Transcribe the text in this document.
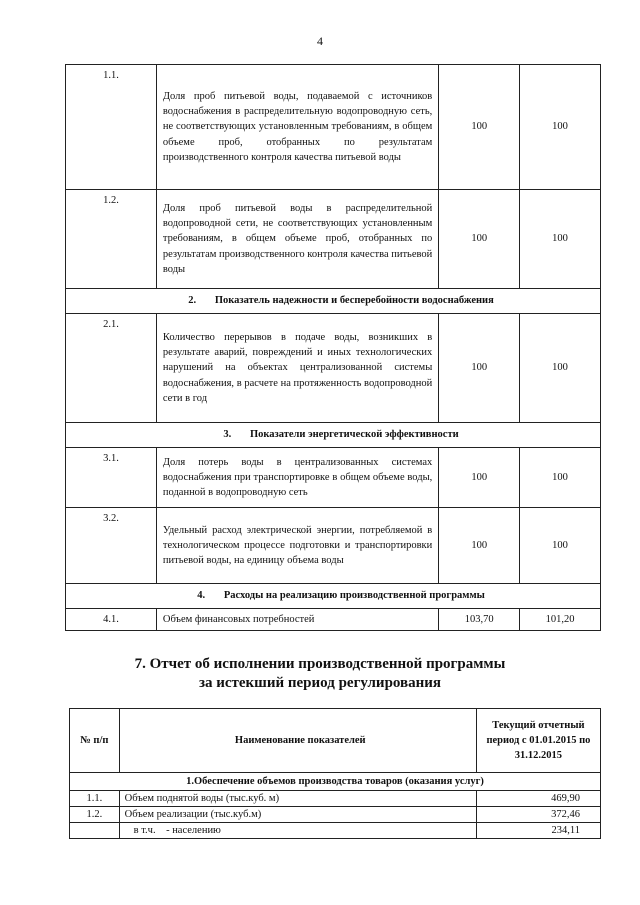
4
1.1.	Доля проб питьевой воды, подаваемой с источников водоснабжения в распределительную водопроводную сеть, не соответствующих установленным требованиям, в общем объеме проб, отобранных по результатам производственного контроля качества питьевой воды	100	100
1.2.	Доля проб питьевой воды в распределительной водопроводной сети, не соответствующих установленным требованиям, в общем объеме проб, отобранных по результатам производственного контроля качества питьевой воды	100	100
2. Показатель надежности и бесперебойности водоснабжения			
2.1.	Количество перерывов в подаче воды, возникших в результате аварий, повреждений и иных технологических нарушений на объектах централизованной системы водоснабжения, в расчете на протяженность водопроводной сети в год	100	100
3. Показатели энергетической эффективности			
3.1.	Доля потерь воды в централизованных системах водоснабжения при транспортировке в общем объеме воды, поданной в водопроводную сеть	100	100
3.2.	Удельный расход электрической энергии, потребляемой в технологическом процессе подготовки и транспортировки питьевой воды, на единицу объема воды	100	100
4. Расходы на реализацию производственной программы			
4.1.	Объем финансовых потребностей	103,70	101,20
7. Отчет об исполнении производственной программы
за истекший период регулирования
№ п/п	Наименование показателей	Текущий отчетный период с 01.01.2015 по 31.12.2015
1.Обеспечение объемов производства товаров (оказания услуг)		
1.1.	Объем поднятой воды (тыс.куб. м)	469,90
1.2.	Объем реализации (тыс.куб.м)	372,46
	в т.ч.    - населению	234,11
